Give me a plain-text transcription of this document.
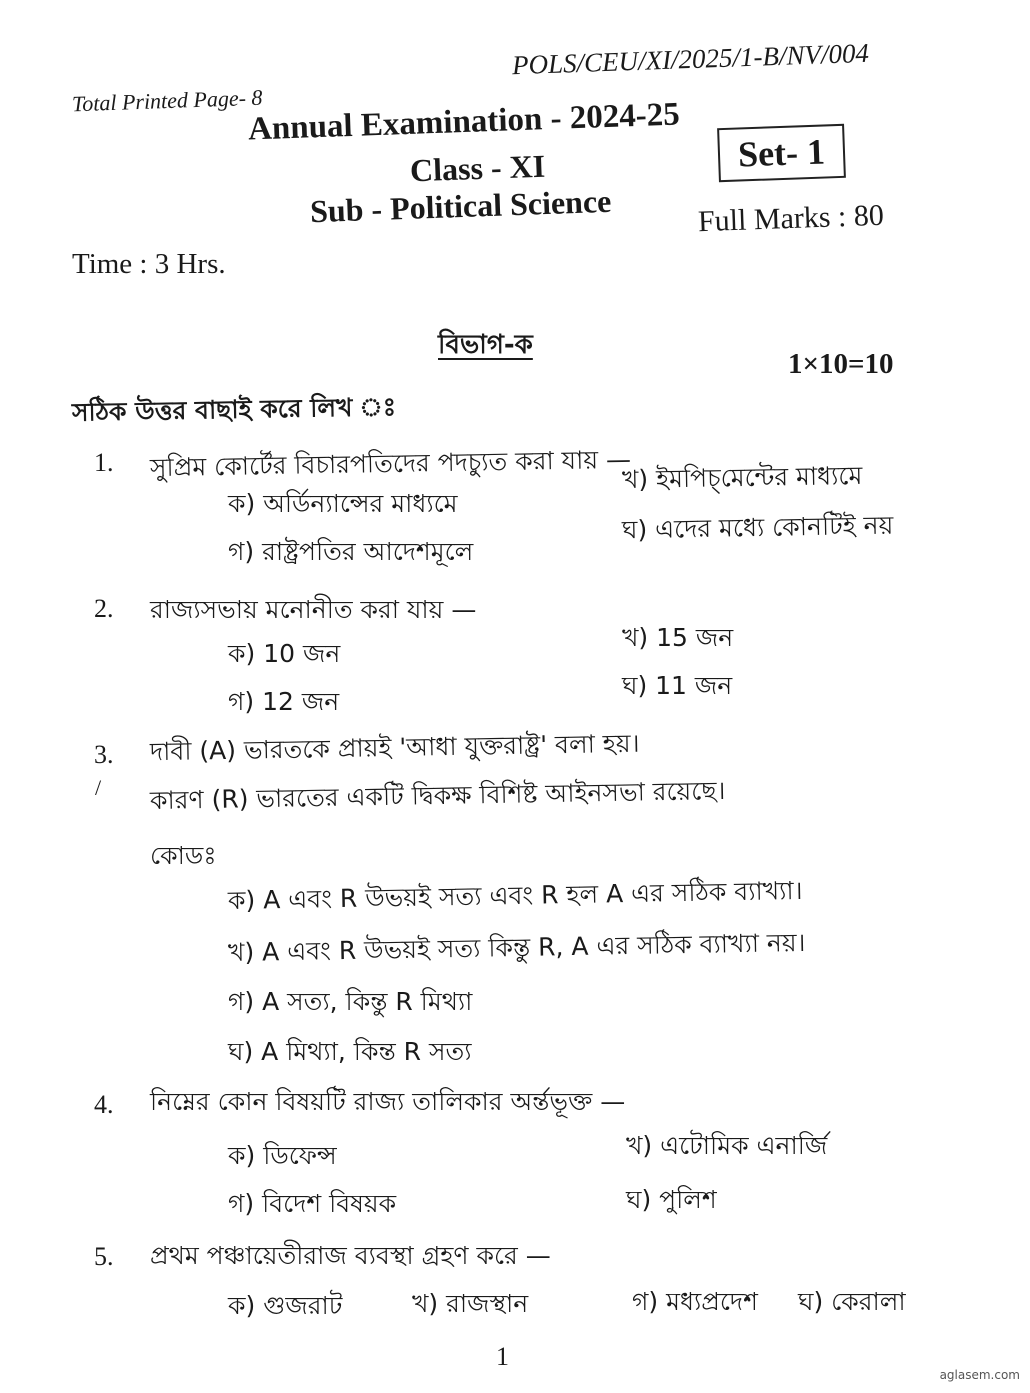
Total Printed Page- 8
POLS/CEU/XI/2025/1-B/NV/004
Annual Examination - 2024-25
Class - XI	Set- 1
Sub - Political Science	Full Marks : 80
Time : 3 Hrs.
বিভাগ-ক
1×10=10
সঠিক উত্তর বাছাই করে লিখ ঃ
1. সুপ্রিম কোর্টের বিচারপতিদের পদচ্যুত করা যায় —
ক) অর্ডিন্যান্সের মাধ্যমে
খ) ইমপিচ্‌মেন্টের মাধ্যমে
গ) রাষ্ট্রপতির আদেশমূলে
ঘ) এদের মধ্যে কোনটিই নয়
2. রাজ্যসভায় মনোনীত করা যায় —
ক) 10 জন
খ) 15 জন
গ) 12 জন
ঘ) 11 জন
3. দাবী (A) ভারতকে প্রায়ই 'আধা যুক্তরাষ্ট্র' বলা হয়।
/ কারণ (R) ভারতের একটি দ্বিকক্ষ বিশিষ্ট আইনসভা রয়েছে।
কোডঃ
ক) A এবং R উভয়ই সত্য এবং R হল A এর সঠিক ব্যাখ্যা।
খ) A এবং R উভয়ই সত্য কিন্তু R, A এর সঠিক ব্যাখ্যা নয়।
গ) A সত্য, কিন্তু R মিথ্যা
ঘ) A মিথ্যা, কিন্ত R সত্য
4. নিম্নের কোন বিষয়টি রাজ্য তালিকার অর্ন্তভূক্ত —
ক) ডিফেন্স	খ) এটোমিক এনার্জি
গ) বিদেশ বিষয়ক	ঘ) পুলিশ
5. প্রথম পঞ্চায়েতীরাজ ব্যবস্থা গ্রহণ করে —
ক) গুজরাট	খ) রাজস্থান	গ) মধ্যপ্রদেশ ঘ) কেরালা
1
aglasem.com
